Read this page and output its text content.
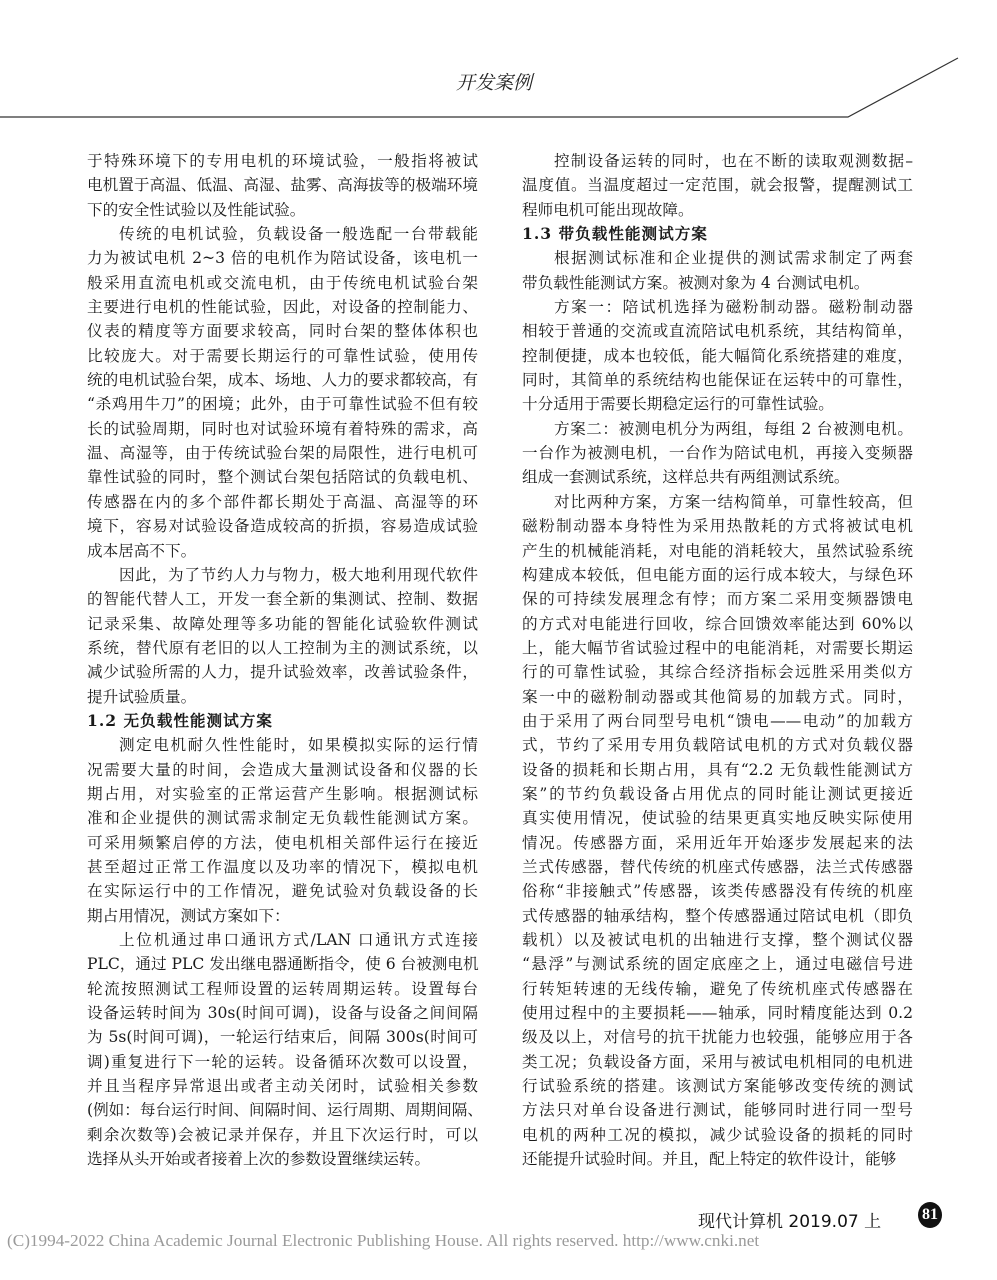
开发案例
于特殊环境下的专用电机的环境试验，一般指将被试
电机置于高温、低温、高湿、盐雾、高海拔等的极端环境
下的安全性试验以及性能试验。
传统的电机试验，负载设备一般选配一台带载能
力为被试电机 2~3 倍的电机作为陪试设备，该电机一
般采用直流电机或交流电机，由于传统电机试验台架
主要进行电机的性能试验，因此，对设备的控制能力、
仪表的精度等方面要求较高，同时台架的整体体积也
比较庞大。对于需要长期运行的可靠性试验，使用传
统的电机试验台架，成本、场地、人力的要求都较高，有
“杀鸡用牛刀”的困境；此外，由于可靠性试验不但有较
长的试验周期，同时也对试验环境有着特殊的需求，高
温、高湿等，由于传统试验台架的局限性，进行电机可
靠性试验的同时，整个测试台架包括陪试的负载电机、
传感器在内的多个部件都长期处于高温、高湿等的环
境下，容易对试验设备造成较高的折损，容易造成试验
成本居高不下。
因此，为了节约人力与物力，极大地利用现代软件
的智能代替人工，开发一套全新的集测试、控制、数据
记录采集、故障处理等多功能的智能化试验软件测试
系统，替代原有老旧的以人工控制为主的测试系统，以
减少试验所需的人力，提升试验效率，改善试验条件，
提升试验质量。
1.2 无负载性能测试方案
测定电机耐久性性能时，如果模拟实际的运行情
况需要大量的时间，会造成大量测试设备和仪器的长
期占用，对实验室的正常运营产生影响。根据测试标
准和企业提供的测试需求制定无负载性能测试方案。
可采用频繁启停的方法，使电机相关部件运行在接近
甚至超过正常工作温度以及功率的情况下，模拟电机
在实际运行中的工作情况，避免试验对负载设备的长
期占用情况，测试方案如下：
上位机通过串口通讯方式/LAN 口通讯方式连接
PLC，通过 PLC 发出继电器通断指令，使 6 台被测电机
轮流按照测试工程师设置的运转周期运转。设置每台
设备运转时间为 30s(时间可调)，设备与设备之间间隔
为 5s(时间可调)，一轮运行结束后，间隔 300s(时间可
调)重复进行下一轮的运转。设备循环次数可以设置，
并且当程序异常退出或者主动关闭时，试验相关参数
(例如：每台运行时间、间隔时间、运行周期、周期间隔、
剩余次数等)会被记录并保存，并且下次运行时，可以
选择从头开始或者接着上次的参数设置继续运转。
控制设备运转的同时，也在不断的读取观测数据–
温度值。当温度超过一定范围，就会报警，提醒测试工
程师电机可能出现故障。
1.3 带负载性能测试方案
根据测试标准和企业提供的测试需求制定了两套
带负载性能测试方案。被测对象为 4 台测试电机。
方案一：陪试机选择为磁粉制动器。磁粉制动器
相较于普通的交流或直流陪试电机系统，其结构简单，
控制便捷，成本也较低，能大幅简化系统搭建的难度，
同时，其简单的系统结构也能保证在运转中的可靠性，
十分适用于需要长期稳定运行的可靠性试验。
方案二：被测电机分为两组，每组 2 台被测电机。
一台作为被测电机，一台作为陪试电机，再接入变频器
组成一套测试系统，这样总共有两组测试系统。
对比两种方案，方案一结构简单，可靠性较高，但
磁粉制动器本身特性为采用热散耗的方式将被试电机
产生的机械能消耗，对电能的消耗较大，虽然试验系统
构建成本较低，但电能方面的运行成本较大，与绿色环
保的可持续发展理念有悖；而方案二采用变频器馈电
的方式对电能进行回收，综合回馈效率能达到 60%以
上，能大幅节省试验过程中的电能消耗，对需要长期运
行的可靠性试验，其综合经济指标会远胜采用类似方
案一中的磁粉制动器或其他简易的加载方式。同时，
由于采用了两台同型号电机“馈电——电动”的加载方
式，节约了采用专用负载陪试电机的方式对负载仪器
设备的损耗和长期占用，具有“2.2 无负载性能测试方
案”的节约负载设备占用优点的同时能让测试更接近
真实使用情况，使试验的结果更真实地反映实际使用
情况。传感器方面，采用近年开始逐步发展起来的法
兰式传感器，替代传统的机座式传感器，法兰式传感器
俗称“非接触式”传感器，该类传感器没有传统的机座
式传感器的轴承结构，整个传感器通过陪试电机（即负
载机）以及被试电机的出轴进行支撑，整个测试仪器
“悬浮”与测试系统的固定底座之上，通过电磁信号进
行转矩转速的无线传输，避免了传统机座式传感器在
使用过程中的主要损耗——轴承，同时精度能达到 0.2
级及以上，对信号的抗干扰能力也较强，能够应用于各
类工况；负载设备方面，采用与被试电机相同的电机进
行试验系统的搭建。该测试方案能够改变传统的测试
方法只对单台设备进行测试，能够同时进行同一型号
电机的两种工况的模拟，减少试验设备的损耗的同时
还能提升试验时间。并且，配上特定的软件设计，能够
现代计算机 2019.07 上	81
(C)1994-2022 China Academic Journal Electronic Publishing House. All rights reserved. http://www.cnki.net
